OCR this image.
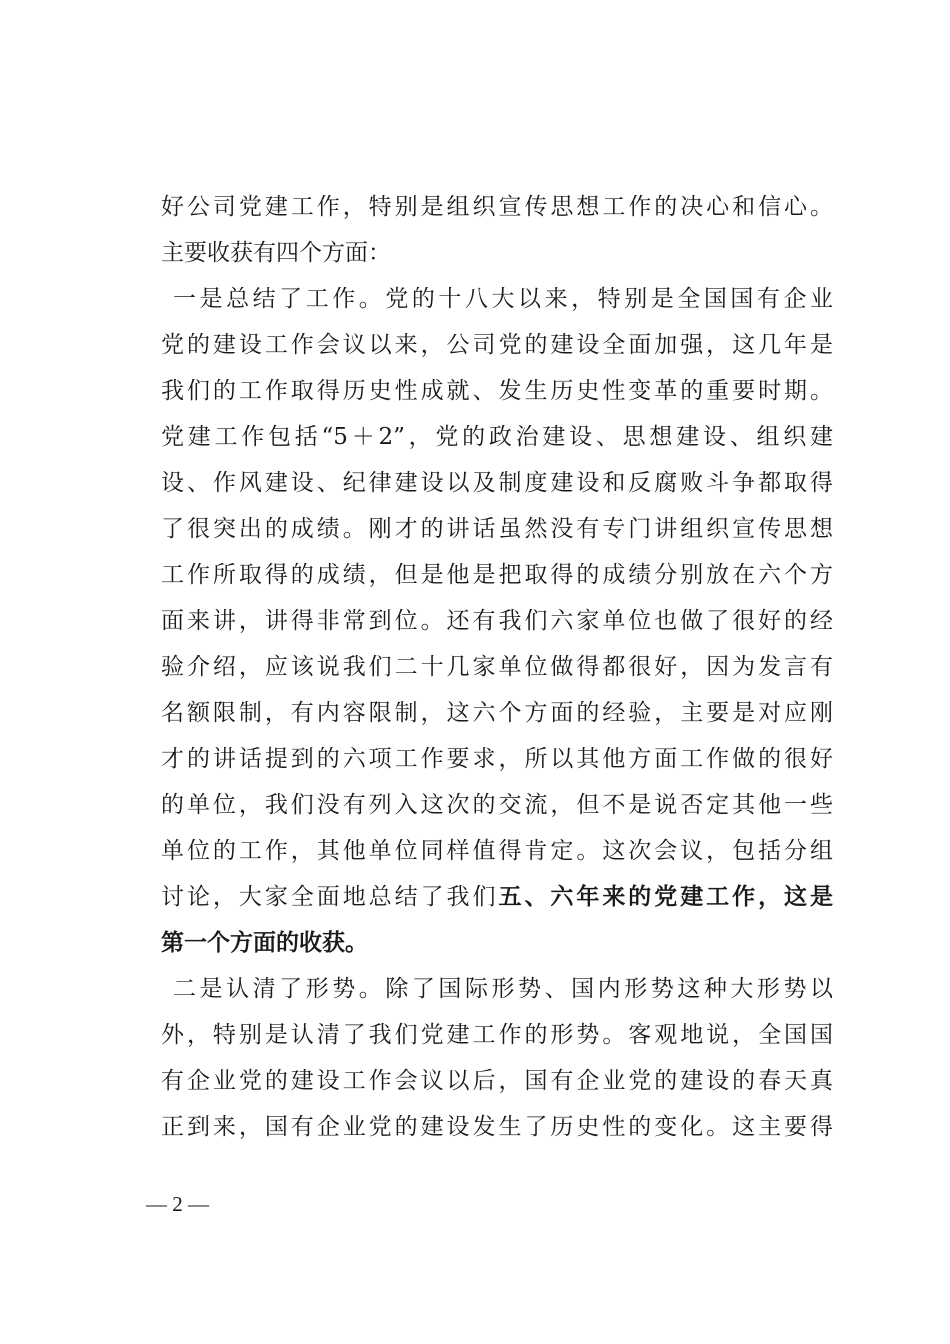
好公司党建工作，特别是组织宣传思想工作的决心和信心。
主要收获有四个方面：
一是总结了工作。党的十八大以来，特别是全国国有企业
党的建设工作会议以来，公司党的建设全面加强，这几年是
我们的工作取得历史性成就、发生历史性变革的重要时期。
党建工作包括“5＋2”，党的政治建设、思想建设、组织建
设、作风建设、纪律建设以及制度建设和反腐败斗争都取得
了很突出的成绩。刚才的讲话虽然没有专门讲组织宣传思想
工作所取得的成绩，但是他是把取得的成绩分别放在六个方
面来讲，讲得非常到位。还有我们六家单位也做了很好的经
验介绍，应该说我们二十几家单位做得都很好，因为发言有
名额限制，有内容限制，这六个方面的经验，主要是对应刚
才的讲话提到的六项工作要求，所以其他方面工作做的很好
的单位，我们没有列入这次的交流，但不是说否定其他一些
单位的工作，其他单位同样值得肯定。这次会议，包括分组
讨论，大家全面地总结了我们五、六年来的党建工作，这是
第一个方面的收获。
二是认清了形势。除了国际形势、国内形势这种大形势以
外，特别是认清了我们党建工作的形势。客观地说，全国国
有企业党的建设工作会议以后，国有企业党的建设的春天真
正到来，国有企业党的建设发生了历史性的变化。这主要得
— 2 —
